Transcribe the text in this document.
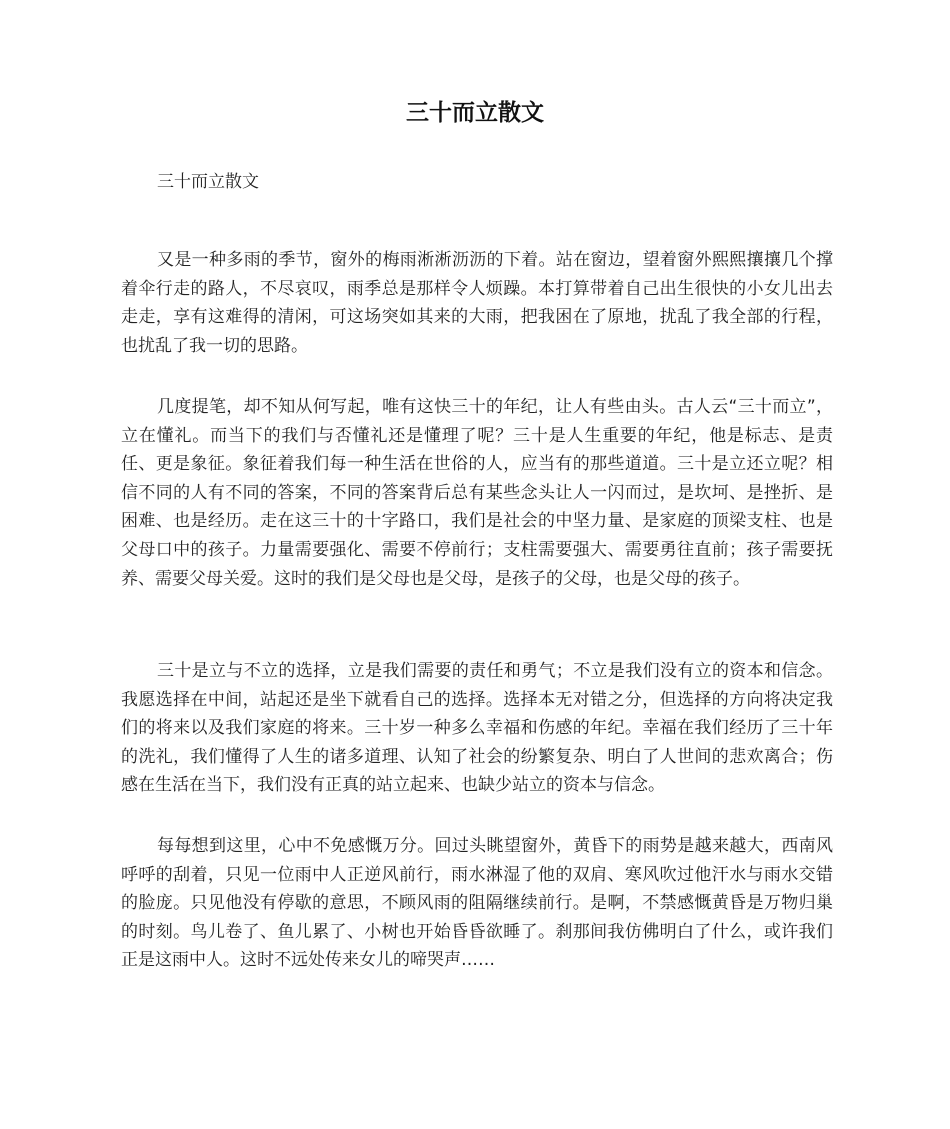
三十而立散文
三十而立散文

又是一种多雨的季节，窗外的梅雨淅淅沥沥的下着。站在窗边，望着窗外熙熙攘攘几个撑着伞行走的路人，不尽哀叹，雨季总是那样令人烦躁。本打算带着自己出生很快的小女儿出去走走，享有这难得的清闲，可这场突如其来的大雨，把我困在了原地，扰乱了我全部的行程，也扰乱了我一切的思路。

几度提笔，却不知从何写起，唯有这快三十的年纪，让人有些由头。古人云“三十而立”，立在懂礼。而当下的我们与否懂礼还是懂理了呢？三十是人生重要的年纪，他是标志、是责任、更是象征。象征着我们每一种生活在世俗的人，应当有的那些道道。三十是立还立呢？相信不同的人有不同的答案，不同的答案背后总有某些念头让人一闪而过，是坎坷、是挫折、是困难、也是经历。走在这三十的十字路口，我们是社会的中坚力量、是家庭的顶梁支柱、也是父母口中的孩子。力量需要强化、需要不停前行；支柱需要强大、需要勇往直前；孩子需要抚养、需要父母关爱。这时的我们是父母也是父母，是孩子的父母，也是父母的孩子。

三十是立与不立的选择，立是我们需要的责任和勇气；不立是我们没有立的资本和信念。我愿选择在中间，站起还是坐下就看自己的选择。选择本无对错之分，但选择的方向将决定我们的将来以及我们家庭的将来。三十岁一种多么幸福和伤感的年纪。幸福在我们经历了三十年的洗礼，我们懂得了人生的诸多道理、认知了社会的纷繁复杂、明白了人世间的悲欢离合；伤感在生活在当下，我们没有正真的站立起来、也缺少站立的资本与信念。

每每想到这里，心中不免感慨万分。回过头眺望窗外，黄昏下的雨势是越来越大，西南风呼呼的刮着，只见一位雨中人正逆风前行，雨水淋湿了他的双肩、寒风吹过他汗水与雨水交错的脸庞。只见他没有停歇的意思，不顾风雨的阻隔继续前行。是啊，不禁感慨黄昏是万物归巢的时刻。鸟儿卷了、鱼儿累了、小树也开始昏昏欲睡了。刹那间我仿佛明白了什么，或许我们正是这雨中人。这时不远处传来女儿的啼哭声……
